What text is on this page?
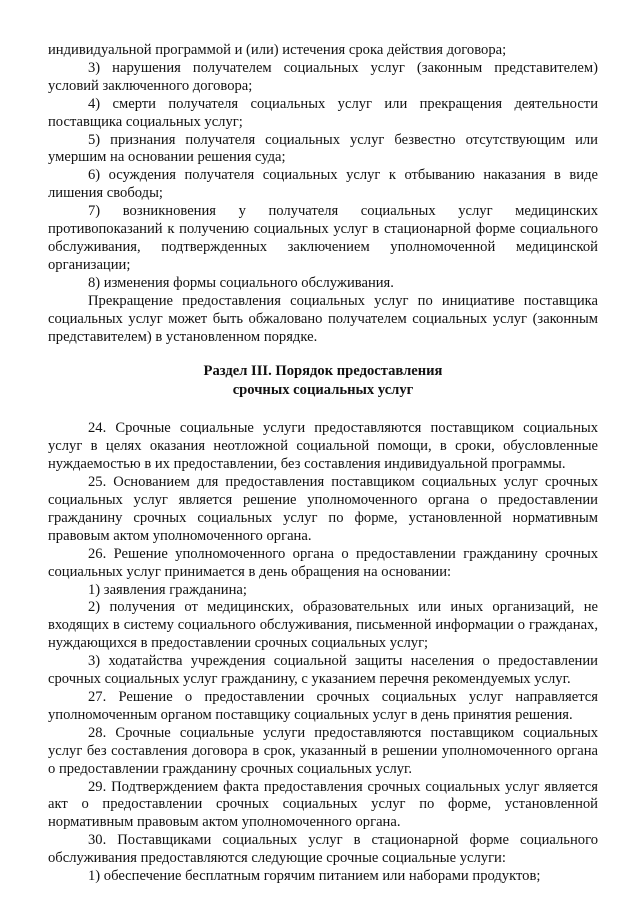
индивидуальной программой и (или) истечения срока действия договора;

3) нарушения получателем социальных услуг (законным представителем) условий заключенного договора;

4) смерти получателя социальных услуг или прекращения деятельности поставщика социальных услуг;

5) признания получателя социальных услуг безвестно отсутствующим или умершим на основании решения суда;

6) осуждения получателя социальных услуг к отбыванию наказания в виде лишения свободы;

7) возникновения у получателя социальных услуг медицинских противопоказаний к получению социальных услуг в стационарной форме социального обслуживания, подтвержденных заключением уполномоченной медицинской организации;

8) изменения формы социального обслуживания.

Прекращение предоставления социальных услуг по инициативе поставщика социальных услуг может быть обжаловано получателем социальных услуг (законным представителем) в установленном порядке.

Раздел III. Порядок предоставления
срочных социальных услуг

24. Срочные социальные услуги предоставляются поставщиком социальных услуг в целях оказания неотложной социальной помощи, в сроки, обусловленные нуждаемостью в их предоставлении, без составления индивидуальной программы.

25. Основанием для предоставления поставщиком социальных услуг срочных социальных услуг является решение уполномоченного органа о предоставлении гражданину срочных социальных услуг по форме, установленной нормативным правовым актом уполномоченного органа.

26. Решение уполномоченного органа о предоставлении гражданину срочных социальных услуг принимается в день обращения на основании:

1) заявления гражданина;

2) получения от медицинских, образовательных или иных организаций, не входящих в систему социального обслуживания, письменной информации о гражданах, нуждающихся в предоставлении срочных социальных услуг;

3) ходатайства учреждения социальной защиты населения о предоставлении срочных социальных услуг гражданину, с указанием перечня рекомендуемых услуг.

27. Решение о предоставлении срочных социальных услуг направляется уполномоченным органом поставщику социальных услуг в день принятия решения.

28. Срочные социальные услуги предоставляются поставщиком социальных услуг без составления договора в срок, указанный в решении уполномоченного органа о предоставлении гражданину срочных социальных услуг.

29. Подтверждением факта предоставления срочных социальных услуг является акт о предоставлении срочных социальных услуг по форме, установленной нормативным правовым актом уполномоченного органа.

30. Поставщиками социальных услуг в стационарной форме социального обслуживания предоставляются следующие срочные социальные услуги:

1) обеспечение бесплатным горячим питанием или наборами продуктов;
